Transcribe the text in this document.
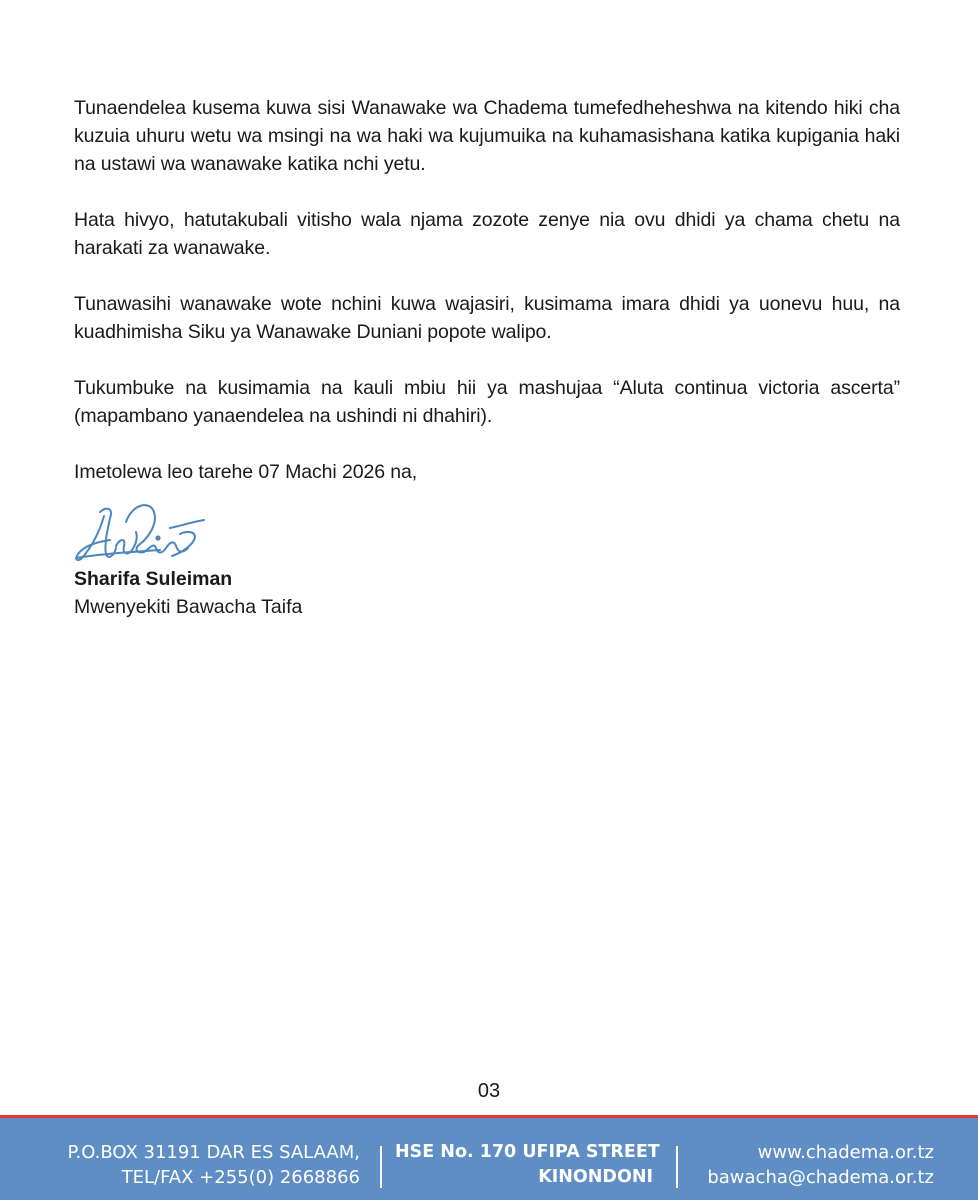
Tunaendelea kusema kuwa sisi Wanawake wa Chadema tumefedheheshwa na kitendo hiki cha kuzuia uhuru wetu wa msingi na wa haki wa kujumuika na kuhamasishana katika kupigania haki na ustawi wa wanawake katika nchi yetu.

Hata hivyo, hatutakubali vitisho wala njama zozote zenye nia ovu dhidi ya chama chetu na harakati za wanawake.

Tunawasihi wanawake wote nchini kuwa wajasiri, kusimama imara dhidi ya uonevu huu, na kuadhimisha Siku ya Wanawake Duniani popote walipo.

Tukumbuke na kusimamia na kauli mbiu hii ya mashujaa “Aluta continua victoria ascerta” (mapambano yanaendelea na ushindi ni dhahiri).

Imetolewa leo tarehe 07 Machi 2026 na,

Sharifa Suleiman
Mwenyekiti Bawacha Taifa
03
P.O.BOX 31191 DAR ES SALAAM,
TEL/FAX +255(0) 2668866
HSE No. 170 UFIPA STREET
KINONDONI
www.chadema.or.tz
bawacha@chadema.or.tz
